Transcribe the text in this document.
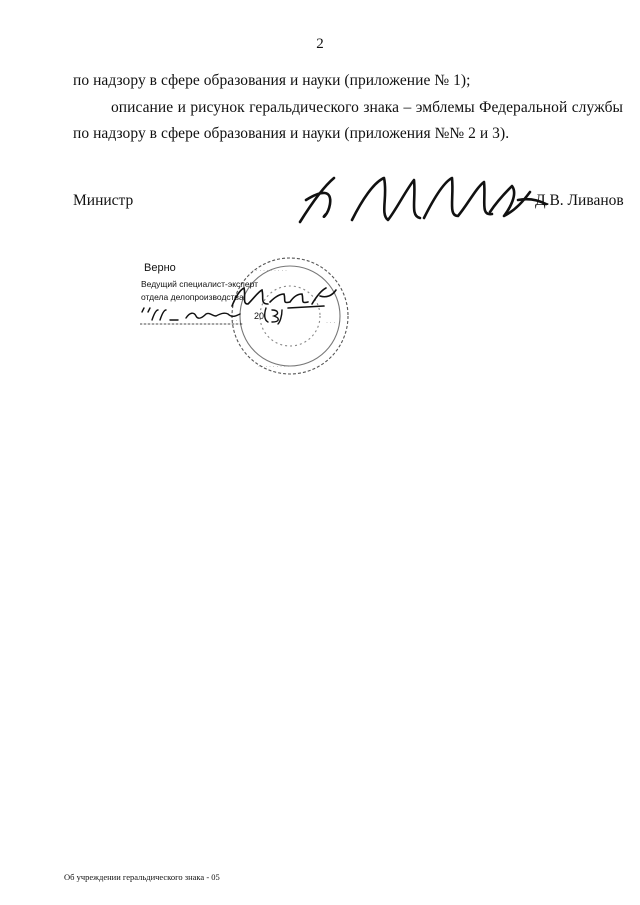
2
по надзору в сфере образования и науки (приложение № 1);
описание и рисунок геральдического знака – эмблемы Федеральной службы
по надзору в сфере образования и науки (приложения №№ 2 и 3).
Министр	Д.В. Ливанов
· · · · · · · · · ·
· · ·	· · ·
· · · · · · · · ·
Верно
Ведущий специалист-эксперт
отдела делопроизводства
20
Об учреждении геральдического знака - 05
